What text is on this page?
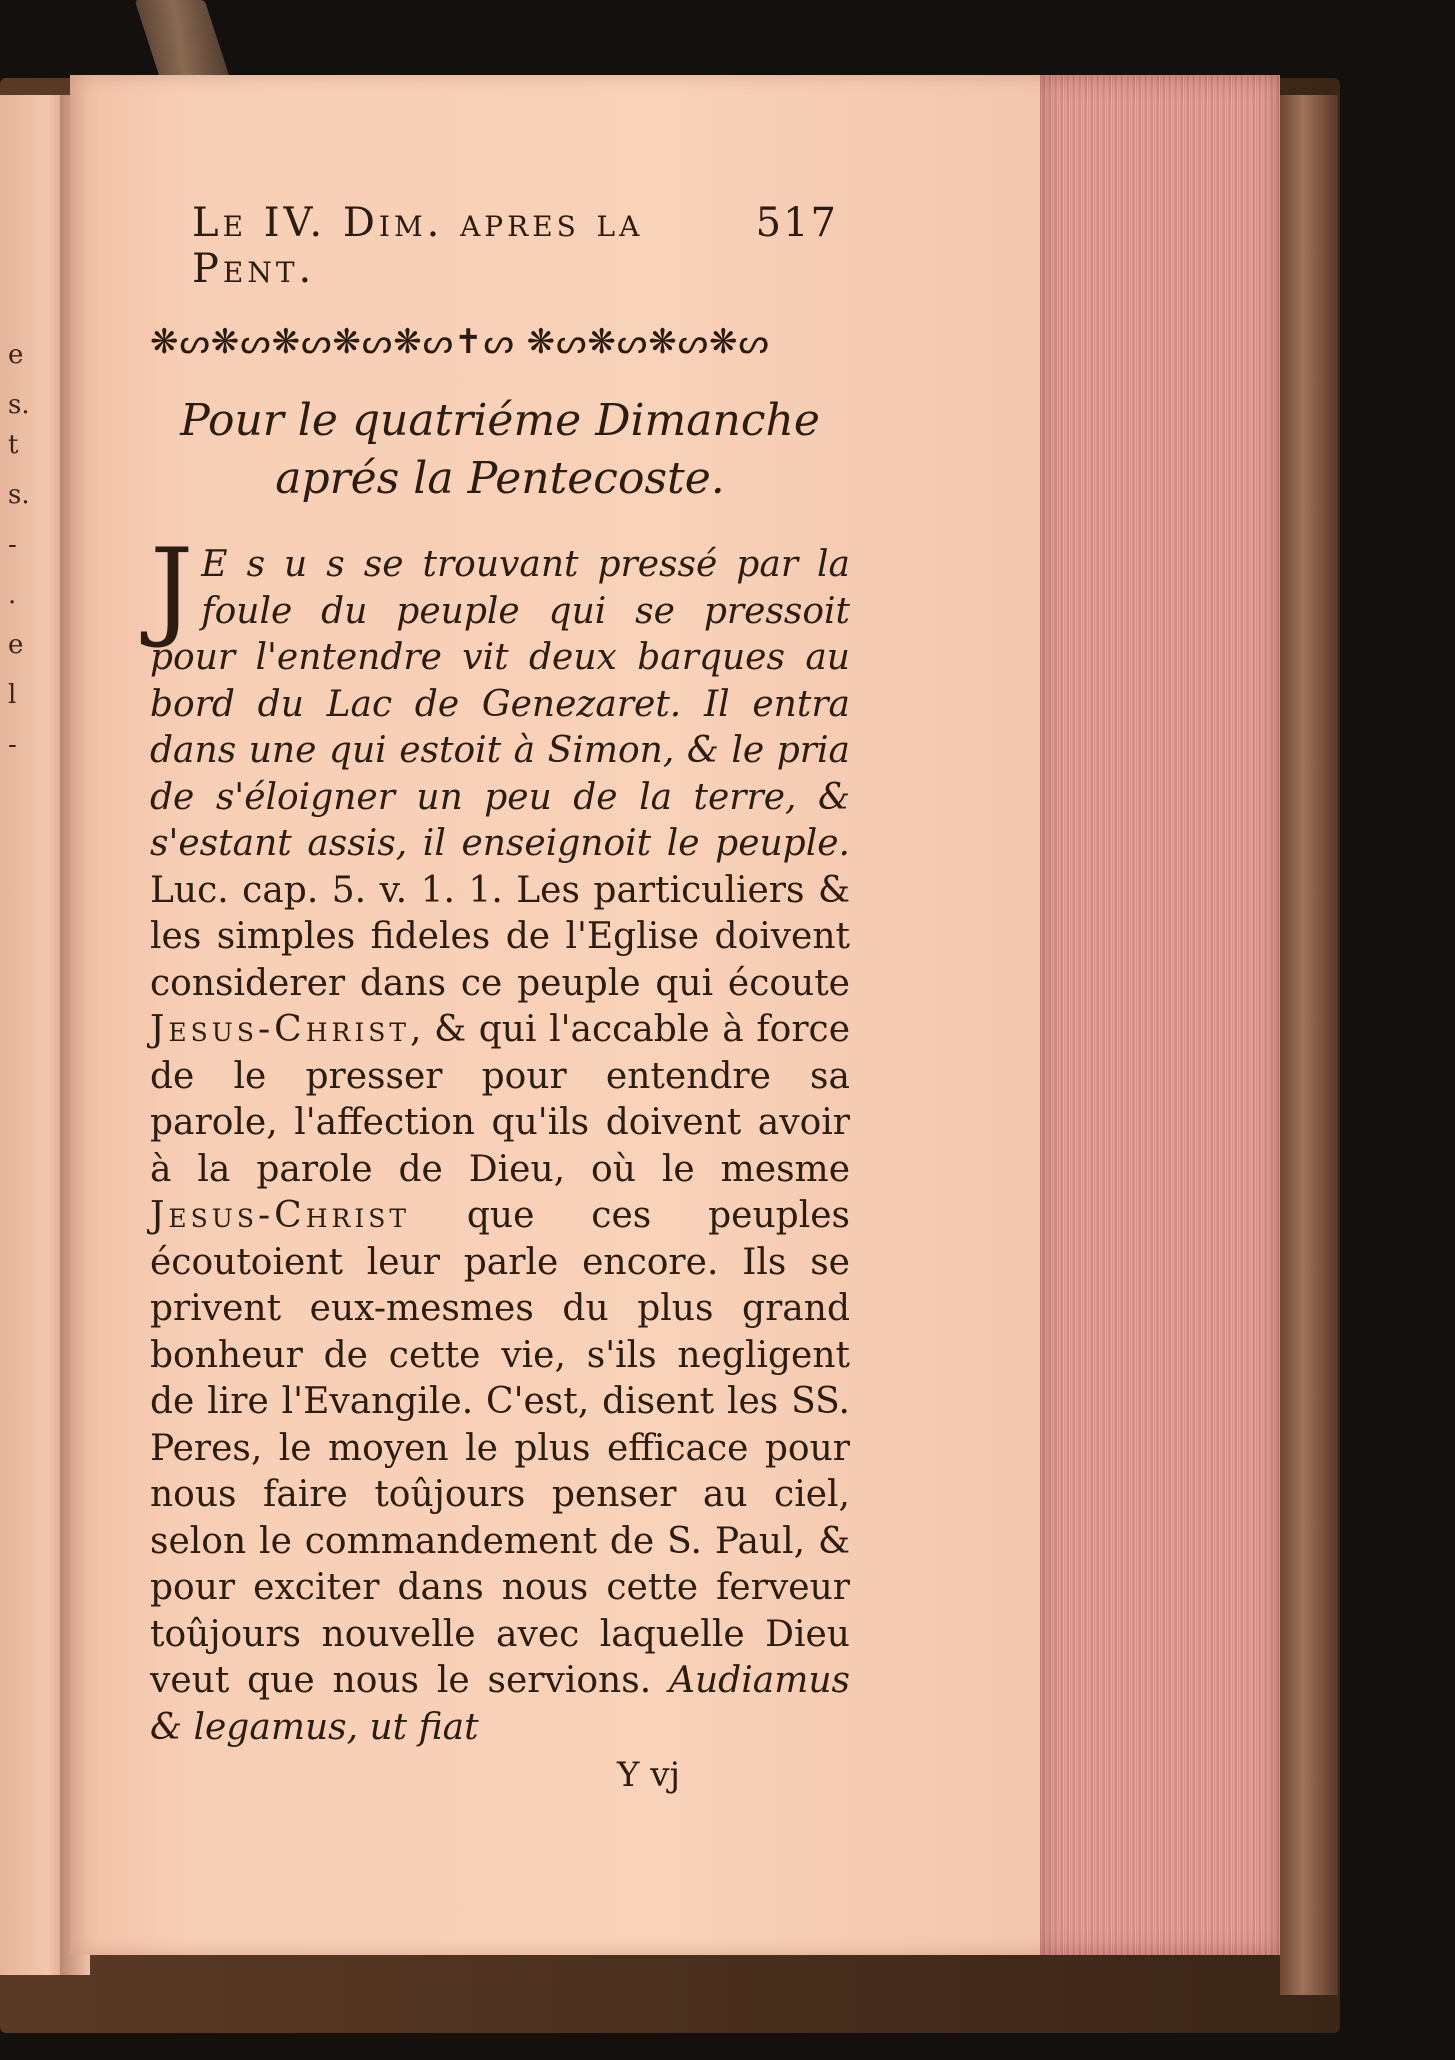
e
s.
t
s.
-
.
e
l
-
Le IV. Dim. apres la Pent.
517
❋ᔕ❋ᔕ❋ᔕ❋ᔕ❋ᔕ✝ᔕ ❋ᔕ❋ᔕ❋ᔕ❋ᔕ
Pour le quatriéme Dimanche aprés la Pentecoste.
J E s u s se trouvant pressé par la foule du peuple qui se pressoit pour l'entendre vit deux barques au bord du Lac de Genezaret. Il entra dans une qui estoit à Simon, & le pria de s'éloigner un peu de la terre, & s'estant assis, il enseignoit le peuple. Luc. cap. 5. v. 1. 1. Les particuliers & les simples fideles de l'Eglise doivent considerer dans ce peuple qui écoute Jesus-Christ, & qui l'accable à force de le presser pour entendre sa parole, l'affection qu'ils doivent avoir à la parole de Dieu, où le mesme Jesus-Christ que ces peuples écoutoient leur parle encore. Ils se privent eux-mesmes du plus grand bonheur de cette vie, s'ils negligent de lire l'Evangile. C'est, disent les SS. Peres, le moyen le plus efficace pour nous faire toûjours penser au ciel, selon le commandement de S. Paul, & pour exciter dans nous cette ferveur toûjours nouvelle avec laquelle Dieu veut que nous le servions. Audiamus & legamus, ut fiat
Y vj
